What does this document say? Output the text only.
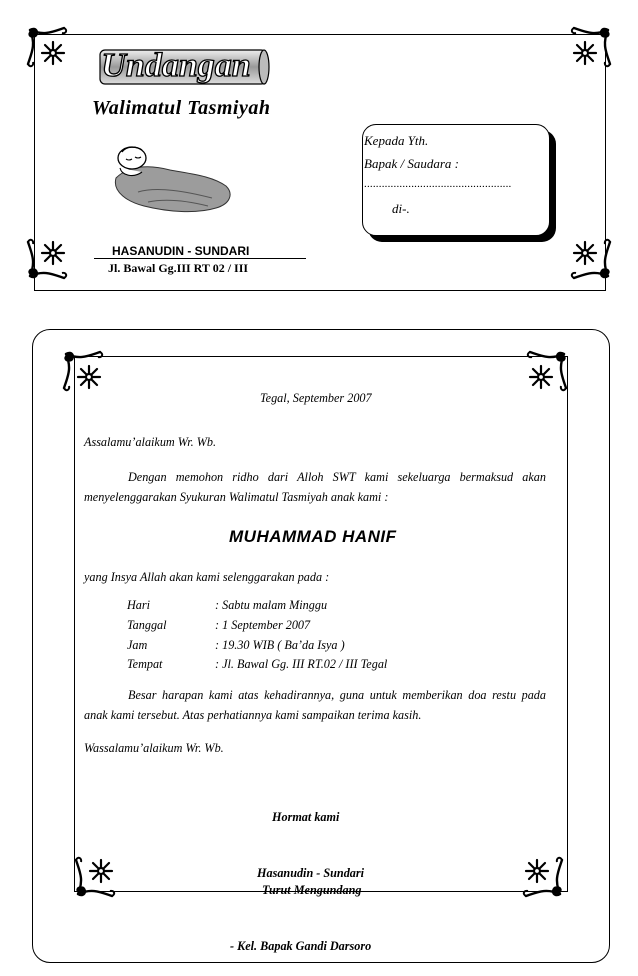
Undangan
Walimatul Tasmiyah
HASANUDIN - SUNDARI
Jl. Bawal Gg.III RT 02 / III
Kepada Yth.
Bapak / Saudara :
..................................................
di-.
Tegal, September 2007
Assalamu’alaikum Wr. Wb.
Dengan memohon ridho dari Alloh SWT kami sekeluarga bermaksud akan
menyelenggarakan Syukuran Walimatul Tasmiyah anak kami :
MUHAMMAD HANIF
yang Insya Allah akan kami selenggarakan pada :
Hari	: Sabtu malam Minggu
Tanggal	: 1 September 2007
Jam	: 19.30 WIB ( Ba’da Isya )
Tempat	: Jl. Bawal Gg. III RT.02 / III Tegal
Besar harapan kami atas kehadirannya, guna untuk memberikan doa restu pada
anak kami tersebut. Atas perhatiannya kami sampaikan terima kasih.
Wassalamu’alaikum Wr. Wb.
Hormat kami
Hasanudin - Sundari
Turut Mengundang
- Kel. Bapak Gandi Darsoro
